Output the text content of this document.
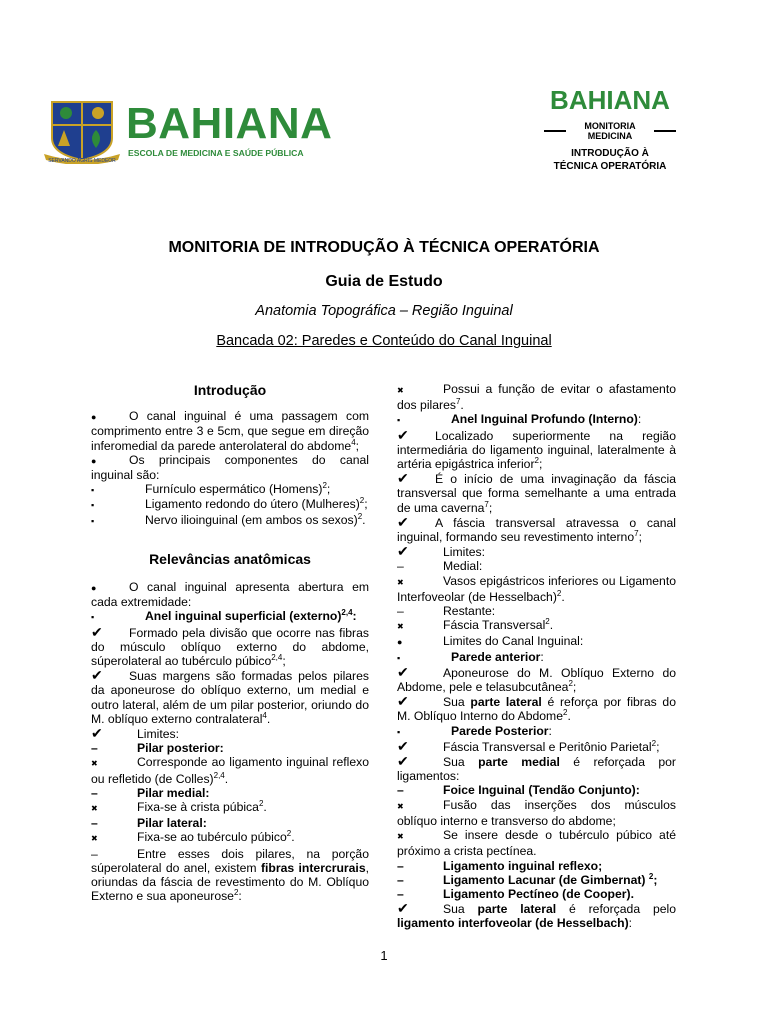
SERVANDO AGRIS MEDEOR
BAHIANA
ESCOLA DE MEDICINA E SAÚDE PÚBLICA
BAHIANA
MONITORIA
MEDICINA
INTRODUÇÃO À
TÉCNICA OPERATÓRIA
MONITORIA DE INTRODUÇÃO À TÉCNICA OPERATÓRIA
Guia de Estudo
Anatomia Topográfica – Região Inguinal
Bancada 02: Paredes e Conteúdo do Canal Inguinal

Introdução

●O canal inguinal é uma passagem com comprimento entre 3 e 5cm, que segue em direção inferomedial da parede anterolateral do abdome$^4$;

●Os principais componentes do canal inguinal são:

▪Furnículo espermático (Homens)$^2$;

▪Ligamento redondo do útero (Mulheres)$^2$;

▪Nervo ilioinguinal (em ambos os sexos)$^2$.

Relevâncias anatômicas

●O canal inguinal apresenta abertura em cada extremidade:

▪Anel inguinal superficial (externo)$^{2,4}$:

✔Formado pela divisão que ocorre nas fibras do músculo oblíquo externo do abdome, súperolateral ao tubérculo púbico$^{2,4}$;

✔Suas margens são formadas pelos pilares da aponeurose do oblíquo externo, um medial e outro lateral, além de um pilar posterior, oriundo do M. oblíquo externo contralateral$^4$.

✔Limites:

–Pilar posterior:

✖Corresponde ao ligamento inguinal reflexo ou refletido (de Colles)$^{2,4}$.

–Pilar medial:

✖Fixa-se à crista púbica$^2$.

–Pilar lateral:

✖Fixa-se ao tubérculo púbico$^2$.

–Entre esses dois pilares, na porção súperolateral do anel, existem fibras intercrurais, oriundas da fáscia de revestimento do M. Oblíquo Externo e sua aponeurose$^2$:

✖Possui a função de evitar o afastamento dos pilares$^7$.

▪Anel Inguinal Profundo (Interno):

✔Localizado superiormente na região intermediária do ligamento inguinal, lateralmente à artéria epigástrica inferior$^2$;

✔É o início de uma invaginação da fáscia transversal que forma semelhante a uma entrada de uma caverna$^7$;

✔A fáscia transversal atravessa o canal inguinal, formando seu revestimento interno$^7$;

✔Limites:

–Medial:

✖Vasos epigástricos inferiores ou Ligamento Interfoveolar (de Hesselbach)$^2$.

–Restante:

✖Fáscia Transversal$^2$.

●Limites do Canal Inguinal:

▪Parede anterior:

✔Aponeurose do M. Oblíquo Externo do Abdome, pele e telasubcutânea$^2$;

✔Sua parte lateral é reforça por fibras do M. Oblíquo Interno do Abdome$^2$.

▪Parede Posterior:

✔Fáscia Transversal e Peritônio Parietal$^2$;

✔Sua parte medial é reforçada por ligamentos:

–Foice Inguinal (Tendão Conjunto):

✖Fusão das inserções dos músculos oblíquo interno e transverso do abdome;

✖Se insere desde o tubérculo púbico até próximo a crista pectínea.

–Ligamento inguinal reflexo;

–Ligamento Lacunar (de Gimbernat) $^2$;

–Ligamento Pectíneo (de Cooper).

✔Sua parte lateral é reforçada pelo ligamento interfoveolar (de Hesselbach):

1
